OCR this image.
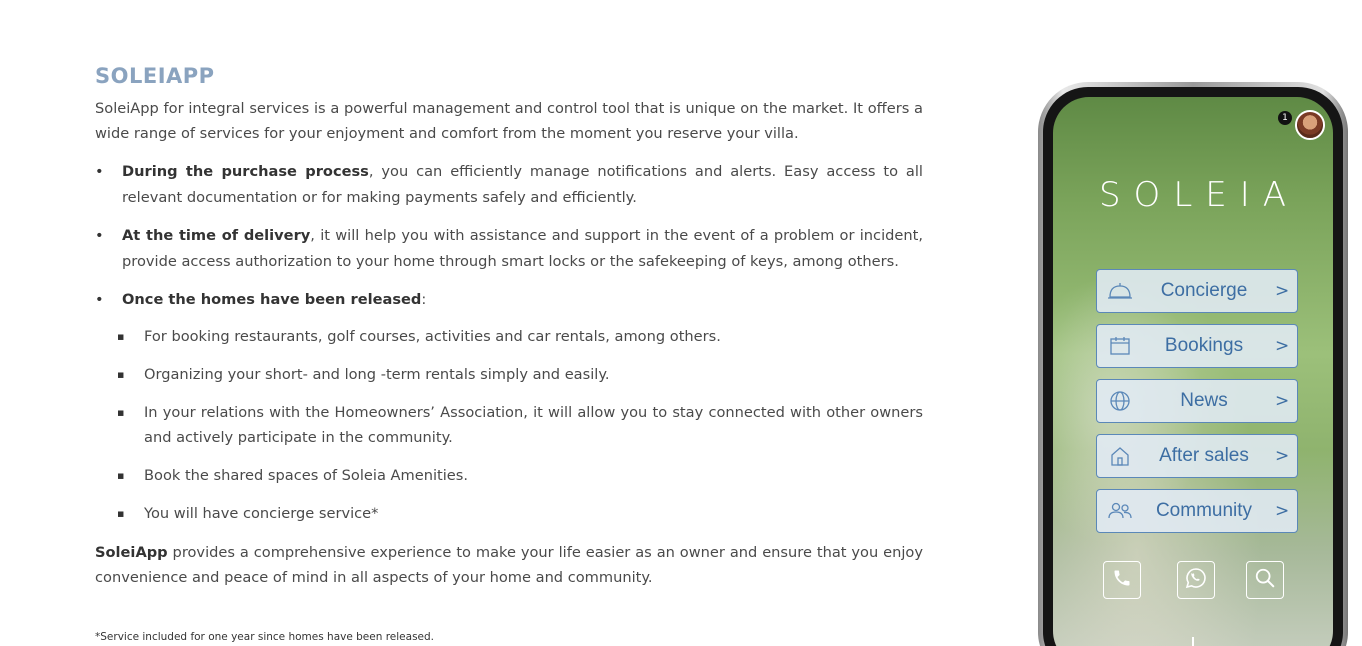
SOLEIAPP

SoleiApp for integral services is a powerful management and control tool that is unique on the market. It offers a wide range of services for your enjoyment and comfort from the moment you reserve your villa.

• During the purchase process, you can efficiently manage notifications and alerts. Easy access to all relevant documentation or for making payments safely and efficiently.
• At the time of delivery, it will help you with assistance and support in the event of a problem or incident, provide access authorization to your home through smart locks or the safekeeping of keys, among others.
• Once the homes have been released:
▪ For booking restaurants, golf courses, activities and car rentals, among others.
▪ Organizing your short- and long -term rentals simply and easily.
▪ In your relations with the Homeowners’ Association, it will allow you to stay connected with other owners and actively participate in the community.
▪ Book the shared spaces of Soleia Amenities.
▪ You will have concierge service*

SoleiApp provides a comprehensive experience to make your life easier as an owner and ensure that you enjoy convenience and peace of mind in all aspects of your home and community.

*Service included for one year since homes have been released.
1
SOLEIA
Concierge	>
Bookings	>
News	>
After sales	>
Community	>
